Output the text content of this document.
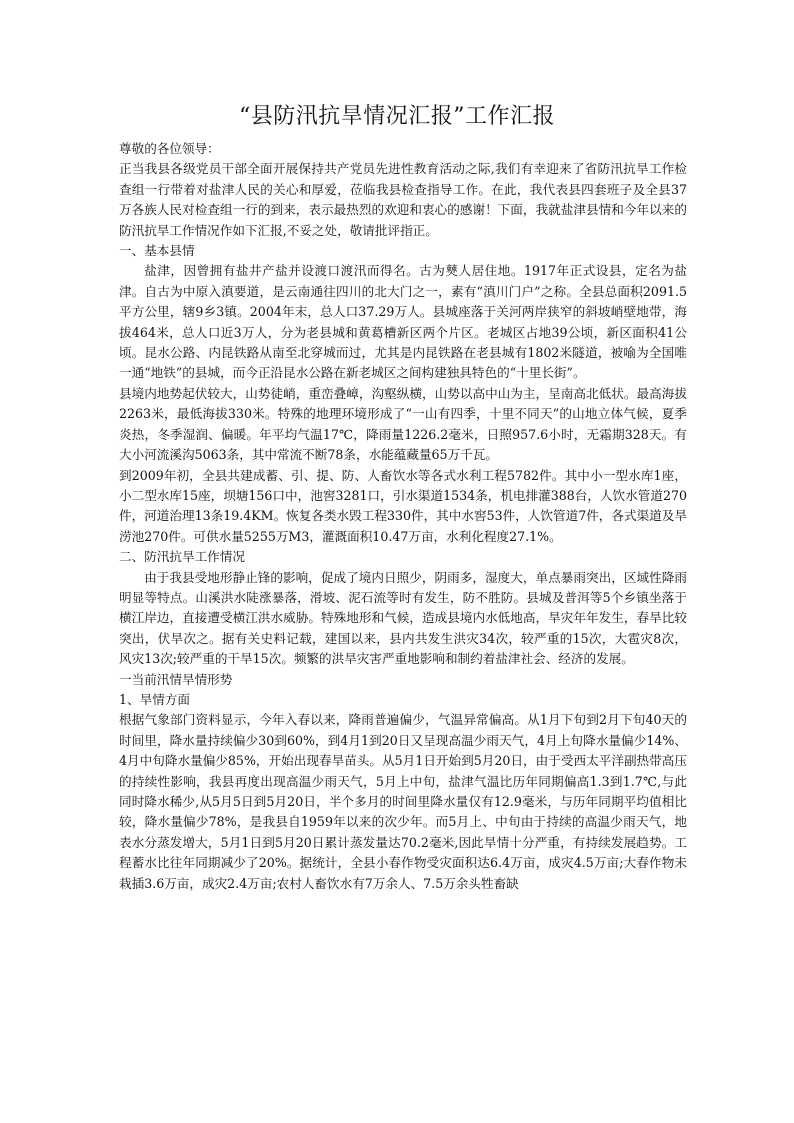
“县防汛抗旱情况汇报”工作汇报

尊敬的各位领导：

正当我县各级党员干部全面开展保持共产党员先进性教育活动之际,我们有幸迎来了省防汛抗旱工作检查组一行带着对盐津人民的关心和厚爱，莅临我县检查指导工作。在此，我代表县四套班子及全县37万各族人民对检查组一行的到来，表示最热烈的欢迎和衷心的感谢！下面，我就盐津县情和今年以来的防汛抗旱工作情况作如下汇报,不妥之处，敬请批评指正。

一、基本县情

盐津，因曾拥有盐井产盐并设渡口渡汛而得名。古为僰人居住地。1917年正式设县，定名为盐津。自古为中原入滇要道，是云南通往四川的北大门之一，素有“滇川门户”之称。全县总面积2091.5平方公里，辖9乡3镇。2004年末，总人口37.29万人。县城座落于关河两岸狭窄的斜坡峭壁地带，海拔464米，总人口近3万人，分为老县城和黄葛槽新区两个片区。老城区占地39公顷，新区面积41公顷。昆水公路、内昆铁路从南至北穿城而过，尤其是内昆铁路在老县城有1802米隧道，被喻为全国唯一通“地铁”的县城，而今正沿昆水公路在新老城区之间构建独具特色的“十里长街”。

县境内地势起伏较大，山势徒峭，重峦叠嶂，沟壑纵横，山势以高中山为主，呈南高北低状。最高海拔2263米，最低海拔330米。特殊的地理环境形成了“一山有四季，十里不同天”的山地立体气候，夏季炎热，冬季湿润、偏暖。年平均气温17℃，降雨量1226.2毫米，日照957.6小时，无霜期328天。有大小河流溪沟5063条，其中常流不断78条，水能蕴藏量65万千瓦。

到2009年初，全县共建成蓄、引、提、防、人畜饮水等各式水利工程5782件。其中小一型水库1座，小二型水库15座，坝塘156口中，池窖3281口，引水渠道1534条，机电排灌388台，人饮水管道270件，河道治理13条19.4KM。恢复各类水毁工程330件，其中水窖53件，人饮管道7件，各式渠道及旱涝池270件。可供水量5255万M3，灌溉面积10.47万亩，水利化程度27.1%。

二、防汛抗旱工作情况

由于我县受地形静止锋的影响，促成了境内日照少，阴雨多，湿度大，单点暴雨突出，区域性降雨明显等特点。山溪洪水陡涨暴落，滑坡、泥石流等时有发生，防不胜防。县城及普洱等5个乡镇坐落于横江岸边，直接遭受横江洪水威胁。特殊地形和气候，造成县境内水低地高，旱灾年年发生，春旱比较突出，伏旱次之。据有关史料记载，建国以来，县内共发生洪灾34次，较严重的15次，大雹灾8次，风灾13次;较严重的干旱15次。频繁的洪旱灾害严重地影响和制约着盐津社会、经济的发展。

一当前汛情旱情形势

1、旱情方面

根据气象部门资料显示，今年入春以来，降雨普遍偏少，气温异常偏高。从1月下旬到2月下旬40天的时间里，降水量持续偏少30到60%，到4月1到20日又呈现高温少雨天气，4月上旬降水量偏少14%、4月中旬降水量偏少85%，开始出现春旱苗头。从5月1日开始到5月20日，由于受西太平洋副热带高压的持续性影响，我县再度出现高温少雨天气，5月上中旬，盐津气温比历年同期偏高1.3到1.7℃,与此同时降水稀少,从5月5日到5月20日，半个多月的时间里降水量仅有12.9毫米，与历年同期平均值相比较，降水量偏少78%，是我县自1959年以来的次少年。而5月上、中旬由于持续的高温少雨天气，地表水分蒸发增大，5月1日到5月20日累计蒸发量达70.2毫米,因此旱情十分严重，有持续发展趋势。工程蓄水比往年同期减少了20%。据统计，全县小春作物受灾面积达6.4万亩，成灾4.5万亩;大春作物未栽插3.6万亩，成灾2.4万亩;农村人畜饮水有7万余人、7.5万余头牲畜缺
